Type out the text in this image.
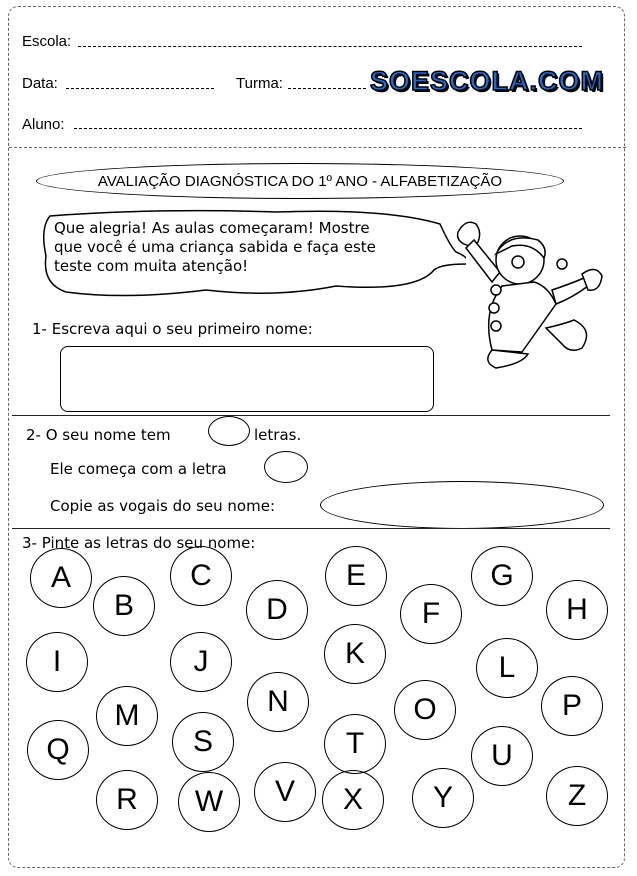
Escola:
Data:	Turma:	SOESCOLA.COM
Aluno:
AVALIAÇÃO DIAGNÓSTICA DO 1º ANO - ALFABETIZAÇÃO
Que alegria! As aulas começaram! Mostre
que você é uma criança sabida e faça este
teste com muita atenção!
1- Escreva aqui o seu primeiro nome:
2- O seu nome tem	letras.
Ele começa com a letra
Copie as vogais do seu nome:
3- Pinte as letras do seu nome:
A
B
C
D
E
F
G
H
I	J	K	L
M	N	O	P
Q	S	T	U
R	W	V	X	Y	Z
